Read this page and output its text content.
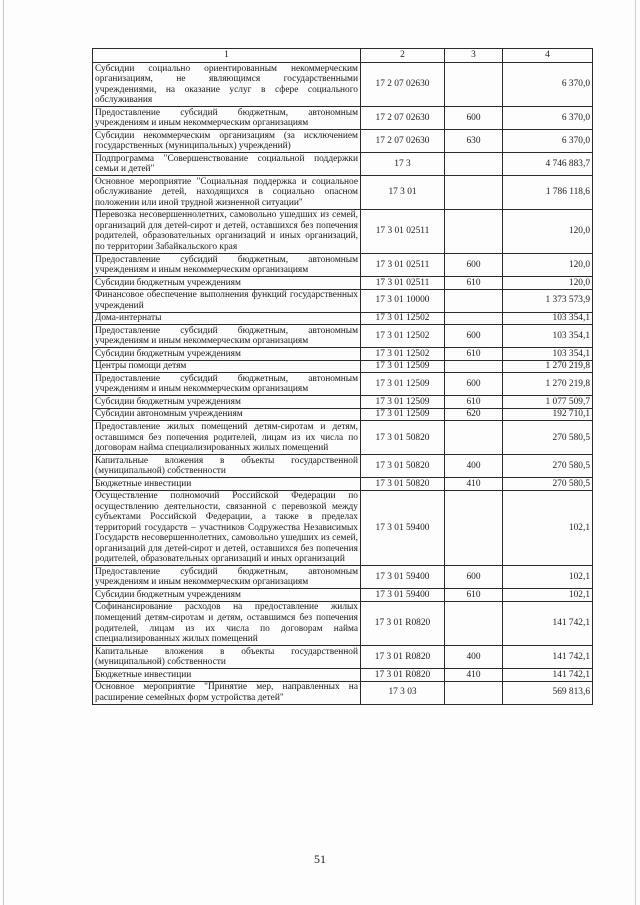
1	2	3	4
Субсидии социально ориентированным некоммерческим организациям, не являющимся государственными учреждениями, на оказание услуг в сфере социального обслуживания	17 2 07 02630		6 370,0
Предоставление субсидий бюджетным, автономным учреждениям и иным некоммерческим организациям	17 2 07 02630	600	6 370,0
Субсидии некоммерческим организациям (за исключением государственных (муниципальных) учреждений)	17 2 07 02630	630	6 370,0
Подпрограмма "Совершенствование социальной поддержки семьи и детей"	17 3		4 746 883,7
Основное мероприятие "Социальная поддержка и социальное обслуживание детей, находящихся в социально опасном положении или иной трудной жизненной ситуации"	17 3 01		1 786 118,6
Перевозка несовершеннолетних, самовольно ушедших из семей, организаций для детей-сирот и детей, оставшихся без попечения родителей, образовательных организаций и иных организаций, по территории Забайкальского края	17 3 01 02511		120,0
Предоставление субсидий бюджетным, автономным учреждениям и иным некоммерческим организациям	17 3 01 02511	600	120,0
Субсидии бюджетным учреждениям	17 3 01 02511	610	120,0
Финансовое обеспечение выполнения функций государственных учреждений	17 3 01 10000		1 373 573,9
Дома-интернаты	17 3 01 12502		103 354,1
Предоставление субсидий бюджетным, автономным учреждениям и иным некоммерческим организациям	17 3 01 12502	600	103 354,1
Субсидии бюджетным учреждениям	17 3 01 12502	610	103 354,1
Центры помощи детям	17 3 01 12509		1 270 219,8
Предоставление субсидий бюджетным, автономным учреждениям и иным некоммерческим организациям	17 3 01 12509	600	1 270 219,8
Субсидии бюджетным учреждениям	17 3 01 12509	610	1 077 509,7
Субсидии автономным учреждениям	17 3 01 12509	620	192 710,1
Предоставление жилых помещений детям-сиротам и детям, оставшимся без попечения родителей, лицам из их числа по договорам найма специализированных жилых помещений	17 3 01 50820		270 580,5
Капитальные вложения в объекты государственной (муниципальной) собственности	17 3 01 50820	400	270 580,5
Бюджетные инвестиции	17 3 01 50820	410	270 580,5
Осуществление полномочий Российской Федерации по осуществлению деятельности, связанной с перевозкой между субъектами Российской Федерации, а также в пределах территорий государств – участников Содружества Независимых Государств несовершеннолетних, самовольно ушедших из семей, организаций для детей-сирот и детей, оставшихся без попечения родителей, образовательных организаций и иных организаций	17 3 01 59400		102,1
Предоставление субсидий бюджетным, автономным учреждениям и иным некоммерческим организациям	17 3 01 59400	600	102,1
Субсидии бюджетным учреждениям	17 3 01 59400	610	102,1
Софинансирование расходов на предоставление жилых помещений детям-сиротам и детям, оставшимся без попечения родителей, лицам из их числа по договорам найма специализированных жилых помещений	17 3 01 R0820		141 742,1
Капитальные вложения в объекты государственной (муниципальной) собственности	17 3 01 R0820	400	141 742,1
Бюджетные инвестиции	17 3 01 R0820	410	141 742,1
Основное мероприятие "Принятие мер, направленных на расширение семейных форм устройства детей"	17 3 03		569 813,6
51
